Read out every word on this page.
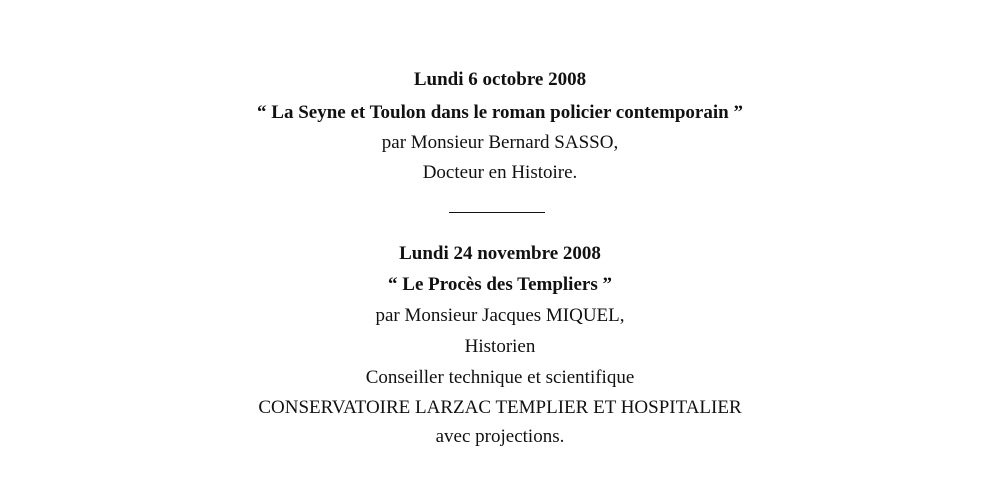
Lundi 6 octobre 2008
“ La Seyne et Toulon dans le roman policier contemporain ”
par Monsieur Bernard SASSO,
Docteur en Histoire.
Lundi 24 novembre 2008
“ Le Procès des Templiers ”
par Monsieur Jacques MIQUEL,
Historien
Conseiller technique et scientifique
CONSERVATOIRE LARZAC TEMPLIER ET HOSPITALIER
avec projections.
